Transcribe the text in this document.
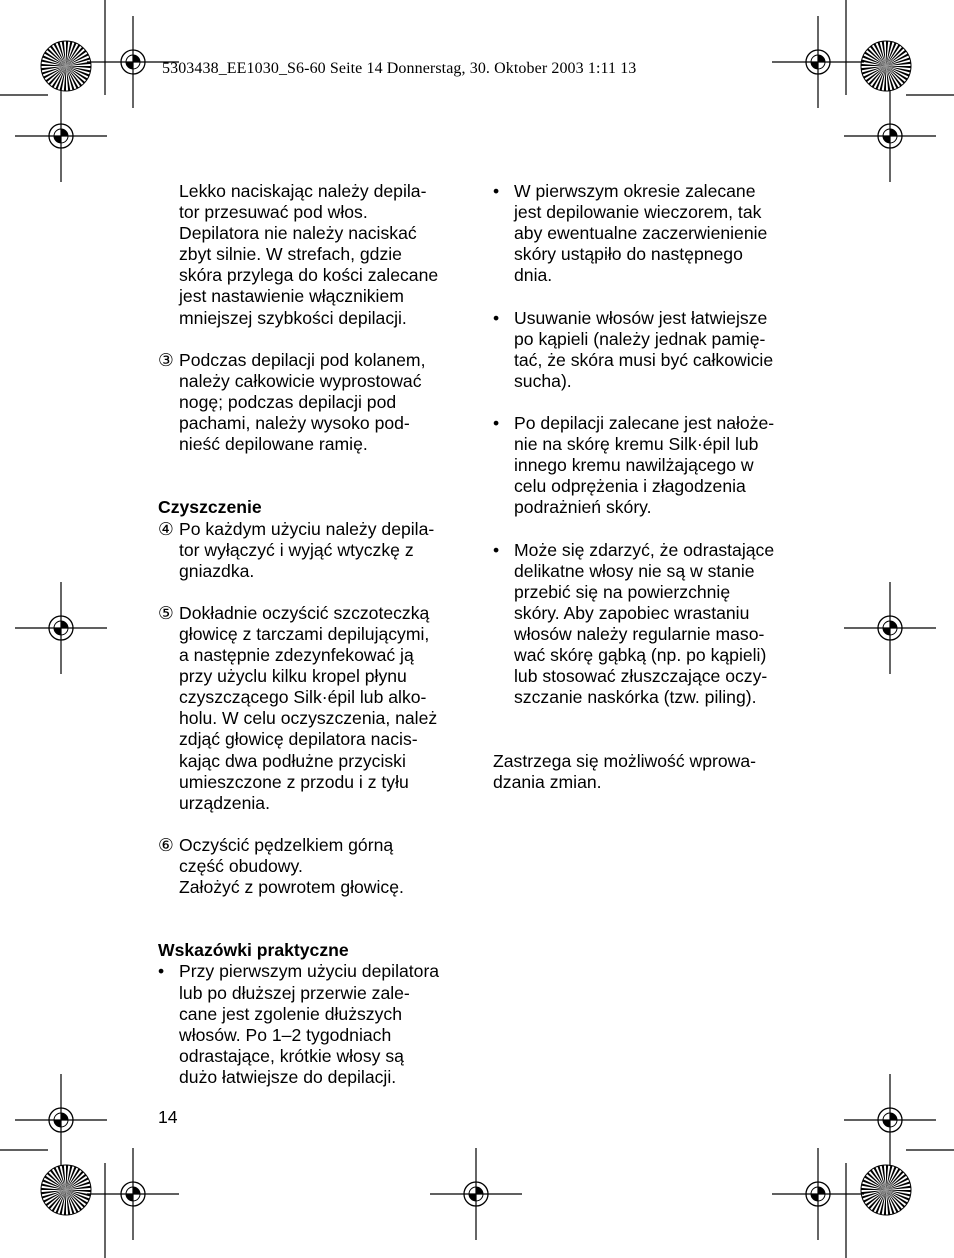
5303438_EE1030_S6-60 Seite 14 Donnerstag, 30. Oktober 2003 1:11 13
Lekko naciskając należy depila-
tor przesuwać pod włos.
Depilatora nie należy naciskać
zbyt silnie. W strefach, gdzie
skóra przylega do kości zalecane
jest nastawienie włącznikiem
mniejszej szybkości depilacji.
③ Podczas depilacji pod kolanem,
należy całkowicie wyprostować
nogę; podczas depilacji pod
pachami, należy wysoko pod-
nieść depilowane ramię.
Czyszczenie
④ Po każdym użyciu należy depila-
tor wyłączyć i wyjąć wtyczkę z
gniazdka.
⑤ Dokładnie oczyścić szczoteczką
głowicę z tarczami depilującymi,
a następnie zdezynfekować ją
przy użyclu kilku kropel płynu
czyszczącego Silk·épil lub alko-
holu. W celu oczyszczenia, należ
zdjąć głowicę depilatora nacis-
kając dwa podłużne przyciski
umieszczone z przodu i z tyłu
urządzenia.
⑥ Oczyścić pędzelkiem górną
część obudowy.
Założyć z powrotem głowicę.
Wskazówki praktyczne
• Przy pierwszym użyciu depilatora
lub po dłuższej przerwie zale-
cane jest zgolenie dłuższych
włosów. Po 1–2 tygodniach
odrastające, krótkie włosy są
dużo łatwiejsze do depilacji.
• W pierwszym okresie zalecane
jest depilowanie wieczorem, tak
aby ewentualne zaczerwienienie
skóry ustąpiło do następnego
dnia.
• Usuwanie włosów jest łatwiejsze
po kąpieli (należy jednak pamię-
tać, że skóra musi być całkowicie
sucha).
• Po depilacji zalecane jest nałoże-
nie na skórę kremu Silk·épil lub
innego kremu nawilżającego w
celu odprężenia i złagodzenia
podrażnień skóry.
• Może się zdarzyć, że odrastające
delikatne włosy nie są w stanie
przebić się na powierzchnię
skóry. Aby zapobiec wrastaniu
włosów należy regularnie maso-
wać skórę gąbką (np. po kąpieli)
lub stosować złuszczające oczy-
szczanie naskórka (tzw. piling).
Zastrzega się możliwość wprowa-
dzania zmian.
14
